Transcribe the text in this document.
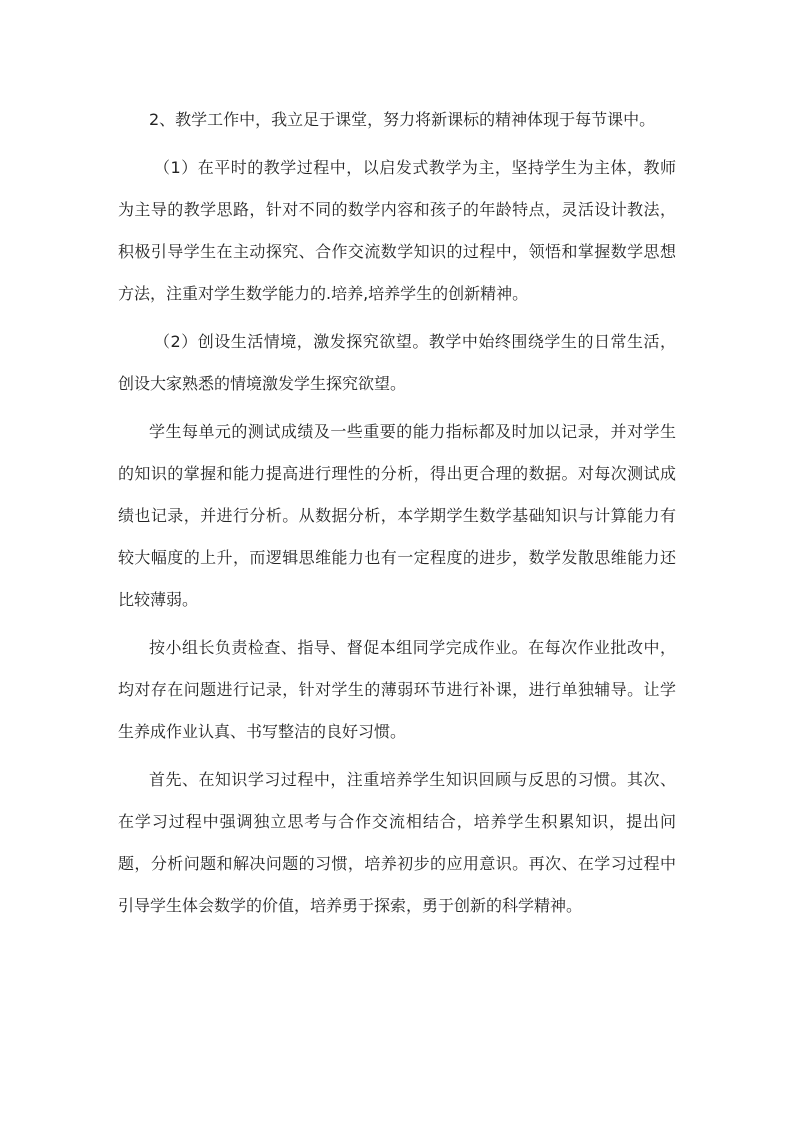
2、教学工作中，我立足于课堂，努力将新课标的精神体现于每节课中。

（1）在平时的教学过程中，以启发式教学为主，坚持学生为主体，教师为主导的教学思路，针对不同的数学内容和孩子的年龄特点，灵活设计教法，积极引导学生在主动探究、合作交流数学知识的过程中，领悟和掌握数学思想方法，注重对学生数学能力的.培养,培养学生的创新精神。

（2）创设生活情境，激发探究欲望。教学中始终围绕学生的日常生活，创设大家熟悉的情境激发学生探究欲望。

学生每单元的测试成绩及一些重要的能力指标都及时加以记录，并对学生的知识的掌握和能力提高进行理性的分析，得出更合理的数据。对每次测试成绩也记录，并进行分析。从数据分析，本学期学生数学基础知识与计算能力有较大幅度的上升，而逻辑思维能力也有一定程度的进步，数学发散思维能力还比较薄弱。

按小组长负责检查、指导、督促本组同学完成作业。在每次作业批改中，均对存在问题进行记录，针对学生的薄弱环节进行补课，进行单独辅导。让学生养成作业认真、书写整洁的良好习惯。

首先、在知识学习过程中，注重培养学生知识回顾与反思的习惯。其次、在学习过程中强调独立思考与合作交流相结合，培养学生积累知识，提出问题，分析问题和解决问题的习惯，培养初步的应用意识。再次、在学习过程中引导学生体会数学的价值，培养勇于探索，勇于创新的科学精神。
